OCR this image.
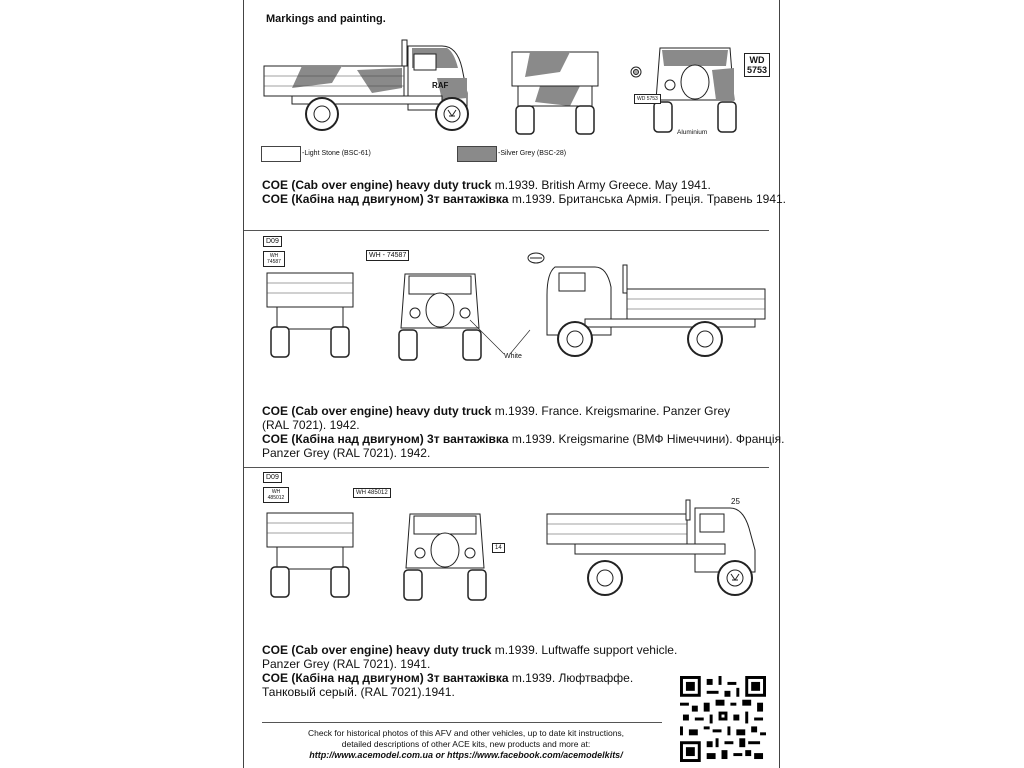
Markings and painting.
RAF
WD
5753
WD 5753
Aluminium
-Light Stone (BSC-61)	-Silver Grey (BSC-28)
COE (Cab over engine) heavy duty truck m.1939. British Army Greece. May 1941.
COE (Кабіна над двигуном) 3т вантажівка m.1939. Британська Армія. Греція. Травень 1941.
D09
WH 74587
WH - 74587
White
COE (Cab over engine) heavy duty truck m.1939. France. Kreigsmarine. Panzer Grey
(RAL 7021). 1942.
COE (Кабіна над двигуном) 3т вантажівка m.1939. Kreigsmarine (ВМФ Німеччини). Франція.
Panzer Grey (RAL 7021). 1942.
D09
WH 485012
WH 485012
14
25
COE (Cab over engine) heavy duty truck m.1939. Luftwaffe support vehicle.
Panzer Grey (RAL 7021). 1941.
COE (Кабіна над двигуном) 3т вантажівка m.1939. Люфтваффе.
Танковый серый. (RAL 7021).1941.
Check for historical photos of this AFV and other vehicles, up to date kit instructions,
detailed descriptions of other ACE kits, new products and more at:
http://www.acemodel.com.ua or https://www.facebook.com/acemodelkits/
